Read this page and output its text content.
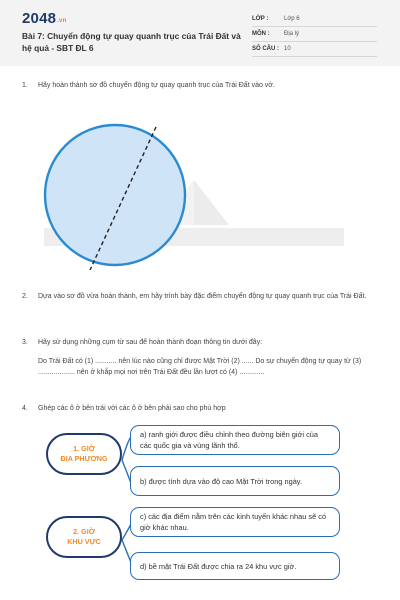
2048.vn
Bài 7: Chuyển động tự quay quanh trục của Trái Đất và hệ quả - SBT ĐL 6
LỚP :	Lớp 6
MÔN : Địa lý
SỐ CÂU : 10
1. Hãy hoàn thành sơ đồ chuyển động tự quay quanh trục của Trái Đất vào vở.
2. Dựa vào sơ đồ vừa hoàn thành, em hãy trình bày đặc điểm chuyển động tự quay quanh trục của Trái Đất.
3. Hãy sử dụng những cụm từ sau để hoàn thành đoạn thông tin dưới đây:
Do Trái Đất có (1) ........... nên lúc nào cũng chỉ được Mặt Trời (2) ...... Do sự chuyển động tự quay từ (3) ................... nên ở khắp mọi nơi trên Trái Đất đều lần lượt có (4) .............
4. Ghép các ô ở bên trái với các ô ở bên phải sao cho phù hợp
1. GIỜ
ĐỊA PHƯƠNG
2. GIỜ
KHU VỰC
a) ranh giới được điều chỉnh theo đường biên giới của các quốc gia và vùng lãnh thổ.
b) được tính dựa vào độ cao Mặt Trời trong ngày.
c) các địa điểm nằm trên các kinh tuyến khác nhau sẽ có giờ khác nhau.
d) bề mặt Trái Đất được chia ra 24 khu vực giờ.
